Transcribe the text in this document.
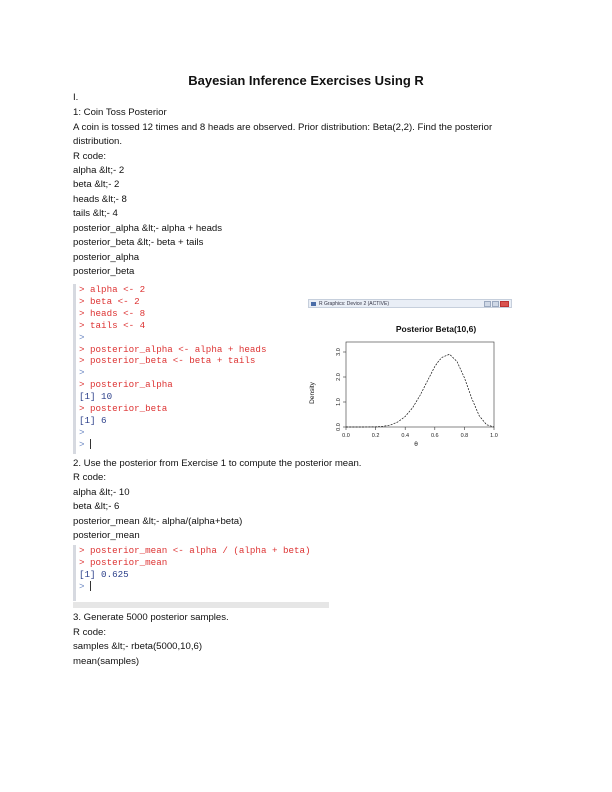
Bayesian Inference Exercises Using R
I.
1: Coin Toss Posterior
A coin is tossed 12 times and 8 heads are observed. Prior distribution: Beta(2,2). Find the posterior
distribution.
R code:
alpha &lt;- 2
beta &lt;- 2
heads &lt;- 8
tails &lt;- 4
posterior_alpha &lt;- alpha + heads
posterior_beta &lt;- beta + tails
posterior_alpha
posterior_beta
> alpha <- 2
> beta <- 2
> heads <- 8
> tails <- 4
>
> posterior_alpha <- alpha + heads
> posterior_beta <- beta + tails
>
> posterior_alpha
[1] 10
> posterior_beta
[1] 6
>
>
R Graphics: Device 2 (ACTIVE)
Posterior Beta(10,6)
Density
θ
0.0	0.2	0.4	0.6	0.8	1.0
0.0
1.0
2.0
3.0
2. Use the posterior from Exercise 1 to compute the posterior mean.
R code:
alpha &lt;- 10
beta &lt;- 6
posterior_mean &lt;- alpha/(alpha+beta)
posterior_mean
> posterior_mean <- alpha / (alpha + beta)
> posterior_mean
[1] 0.625
>
3. Generate 5000 posterior samples.
R code:
samples &lt;- rbeta(5000,10,6)
mean(samples)
